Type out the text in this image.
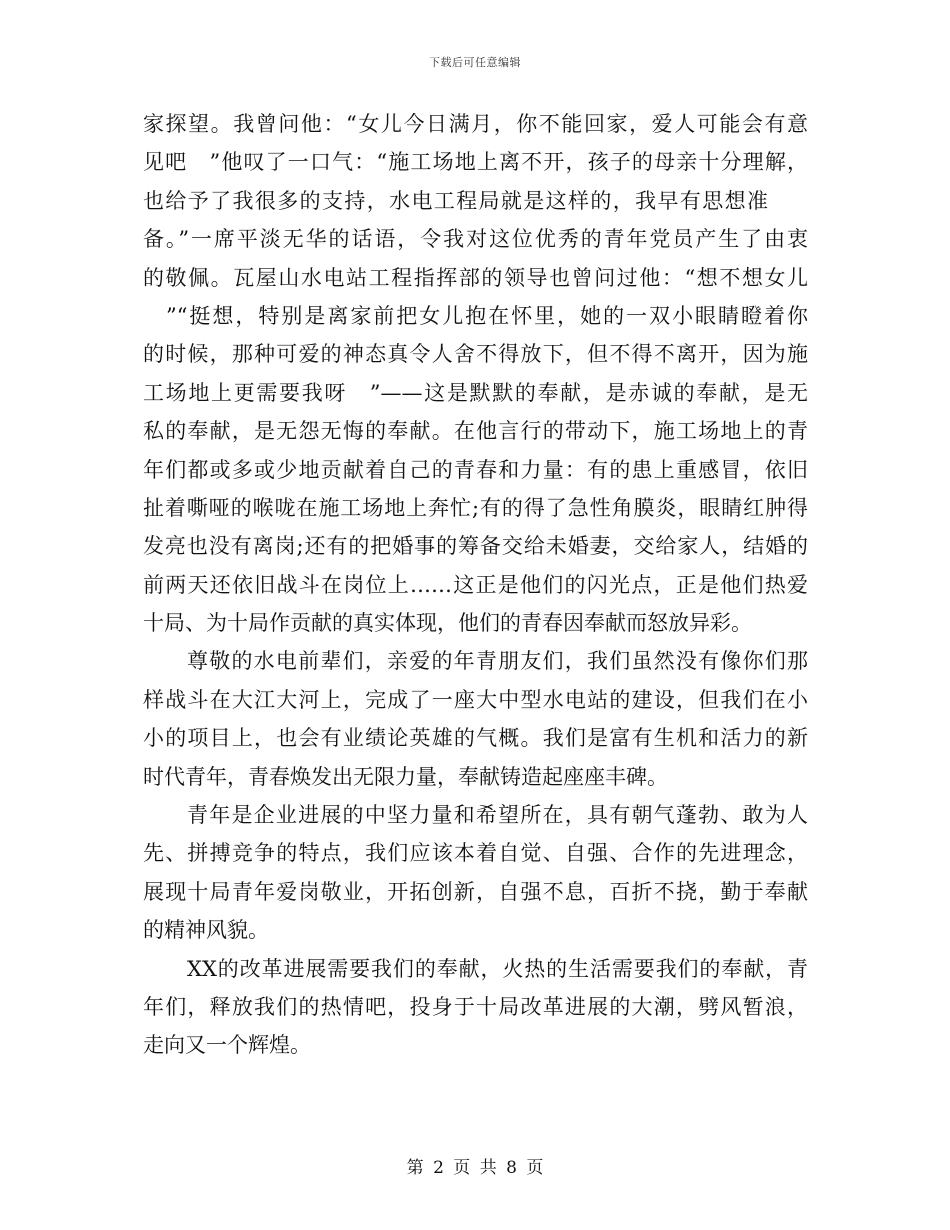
下载后可任意编辑
家探望。我曾问他：“女儿今日满月，你不能回家，爱人可能会有意
见吧　”他叹了一口气：“施工场地上离不开，孩子的母亲十分理解，
也给予了我很多的支持，水电工程局就是这样的，我早有思想准
备。”一席平淡无华的话语，令我对这位优秀的青年党员产生了由衷
的敬佩。瓦屋山水电站工程指挥部的领导也曾问过他：“想不想女儿
　”“挺想，特别是离家前把女儿抱在怀里，她的一双小眼睛瞪着你
的时候，那种可爱的神态真令人舍不得放下，但不得不离开，因为施
工场地上更需要我呀　”——这是默默的奉献，是赤诚的奉献，是无
私的奉献，是无怨无悔的奉献。在他言行的带动下，施工场地上的青
年们都或多或少地贡献着自己的青春和力量：有的患上重感冒，依旧
扯着嘶哑的喉咙在施工场地上奔忙;有的得了急性角膜炎，眼睛红肿得
发亮也没有离岗;还有的把婚事的筹备交给未婚妻，交给家人，结婚的
前两天还依旧战斗在岗位上……这正是他们的闪光点，正是他们热爱
十局、为十局作贡献的真实体现，他们的青春因奉献而怒放异彩。
尊敬的水电前辈们，亲爱的年青朋友们，我们虽然没有像你们那
样战斗在大江大河上，完成了一座大中型水电站的建设，但我们在小
小的项目上，也会有业绩论英雄的气概。我们是富有生机和活力的新
时代青年，青春焕发出无限力量，奉献铸造起座座丰碑。
青年是企业进展的中坚力量和希望所在，具有朝气蓬勃、敢为人
先、拼搏竞争的特点，我们应该本着自觉、自强、合作的先进理念，
展现十局青年爱岗敬业，开拓创新，自强不息，百折不挠，勤于奉献
的精神风貌。
XX的改革进展需要我们的奉献，火热的生活需要我们的奉献，青
年们，释放我们的热情吧，投身于十局改革进展的大潮，劈风暂浪，
走向又一个辉煌。
第 2 页 共 8 页
